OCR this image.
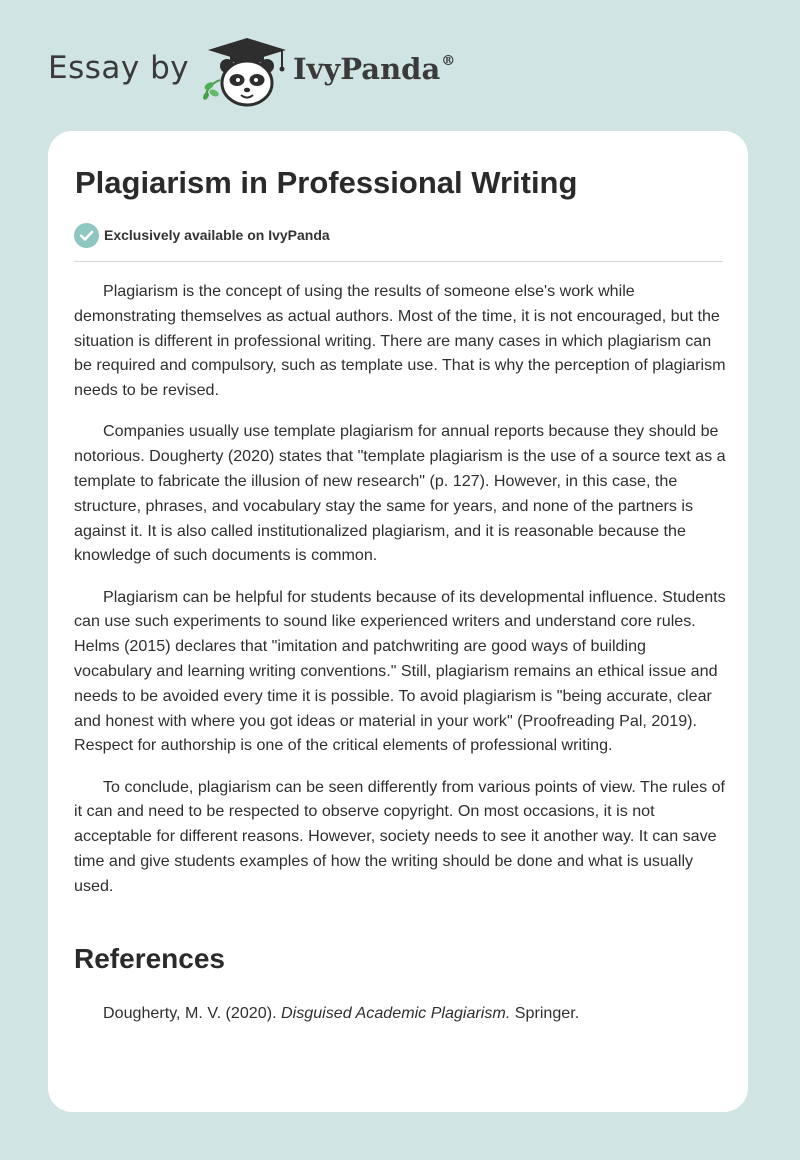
Essay by	IvyPanda®
Plagiarism in Professional Writing
Exclusively available on IvyPanda

Plagiarism is the concept of using the results of someone else's work while demonstrating themselves as actual authors. Most of the time, it is not encouraged, but the situation is different in professional writing. There are many cases in which plagiarism can be required and compulsory, such as template use. That is why the perception of plagiarism needs to be revised.

Companies usually use template plagiarism for annual reports because they should be notorious. Dougherty (2020) states that "template plagiarism is the use of a source text as a template to fabricate the illusion of new research" (p. 127). However, in this case, the structure, phrases, and vocabulary stay the same for years, and none of the partners is against it. It is also called institutionalized plagiarism, and it is reasonable because the knowledge of such documents is common.

Plagiarism can be helpful for students because of its developmental influence. Students can use such experiments to sound like experienced writers and understand core rules. Helms (2015) declares that "imitation and patchwriting are good ways of building vocabulary and learning writing conventions." Still, plagiarism remains an ethical issue and needs to be avoided every time it is possible. To avoid plagiarism is "being accurate, clear and honest with where you got ideas or material in your work" (Proofreading Pal, 2019). Respect for authorship is one of the critical elements of professional writing.

To conclude, plagiarism can be seen differently from various points of view. The rules of it can and need to be respected to observe copyright. On most occasions, it is not acceptable for different reasons. However, society needs to see it another way. It can save time and give students examples of how the writing should be done and what is usually used.

References
Dougherty, M. V. (2020). Disguised Academic Plagiarism. Springer.
